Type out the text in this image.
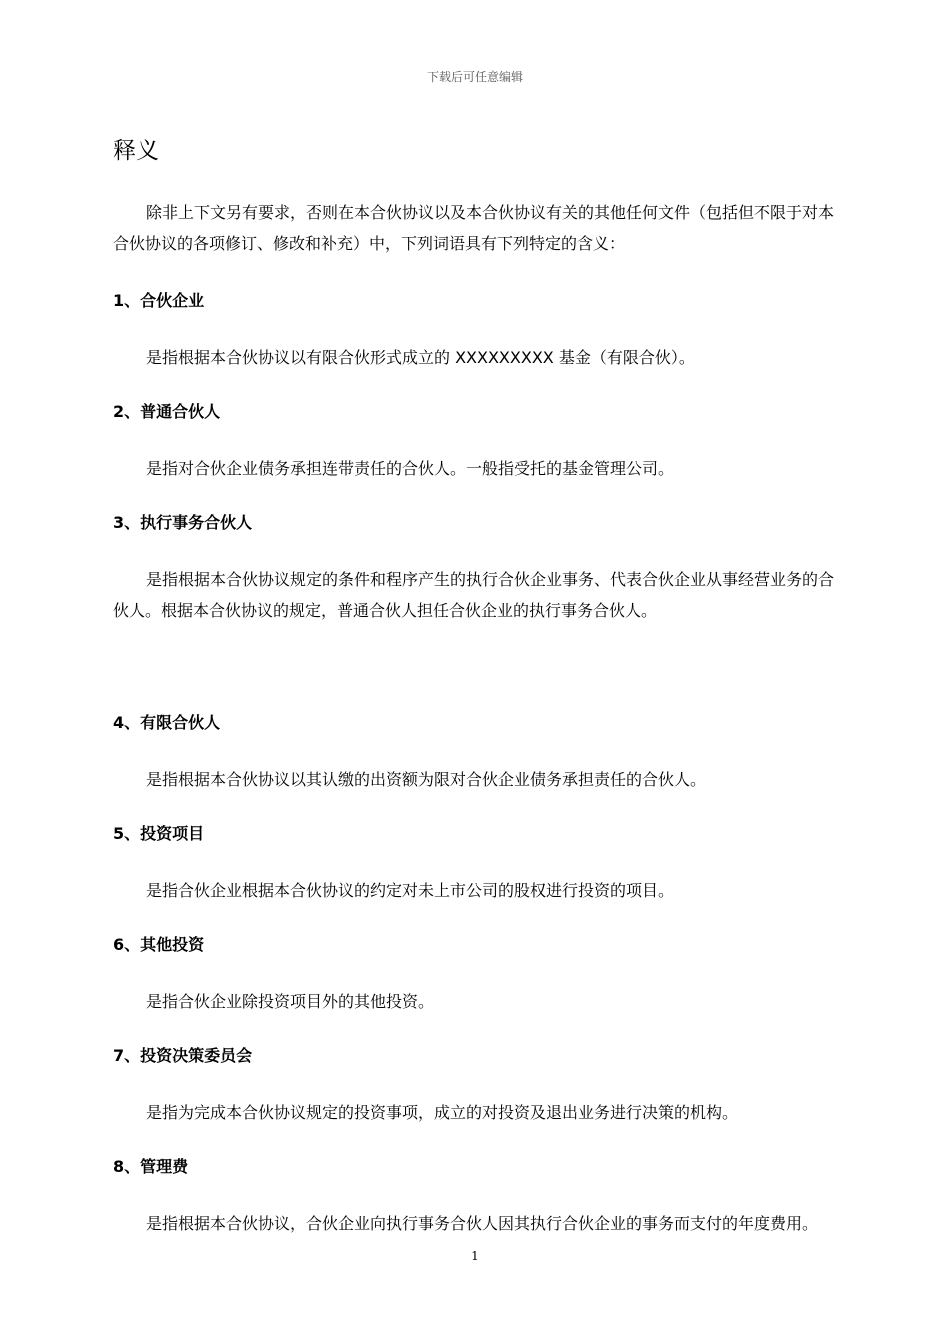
下载后可任意编辑
释义

除非上下文另有要求，否则在本合伙协议以及本合伙协议有关的其他任何文件（包括但不限于对本合伙协议的各项修订、修改和补充）中，下列词语具有下列特定的含义：

1、合伙企业

是指根据本合伙协议以有限合伙形式成立的 XXXXXXXXX 基金（有限合伙）。

2、普通合伙人

是指对合伙企业债务承担连带责任的合伙人。一般指受托的基金管理公司。

3、执行事务合伙人

是指根据本合伙协议规定的条件和程序产生的执行合伙企业事务、代表合伙企业从事经营业务的合伙人。根据本合伙协议的规定，普通合伙人担任合伙企业的执行事务合伙人。

4、有限合伙人

是指根据本合伙协议以其认缴的出资额为限对合伙企业债务承担责任的合伙人。

5、投资项目

是指合伙企业根据本合伙协议的约定对未上市公司的股权进行投资的项目。

6、其他投资

是指合伙企业除投资项目外的其他投资。

7、投资决策委员会

是指为完成本合伙协议规定的投资事项，成立的对投资及退出业务进行决策的机构。

8、管理费

是指根据本合伙协议，合伙企业向执行事务合伙人因其执行合伙企业的事务而支付的年度费用。

1
